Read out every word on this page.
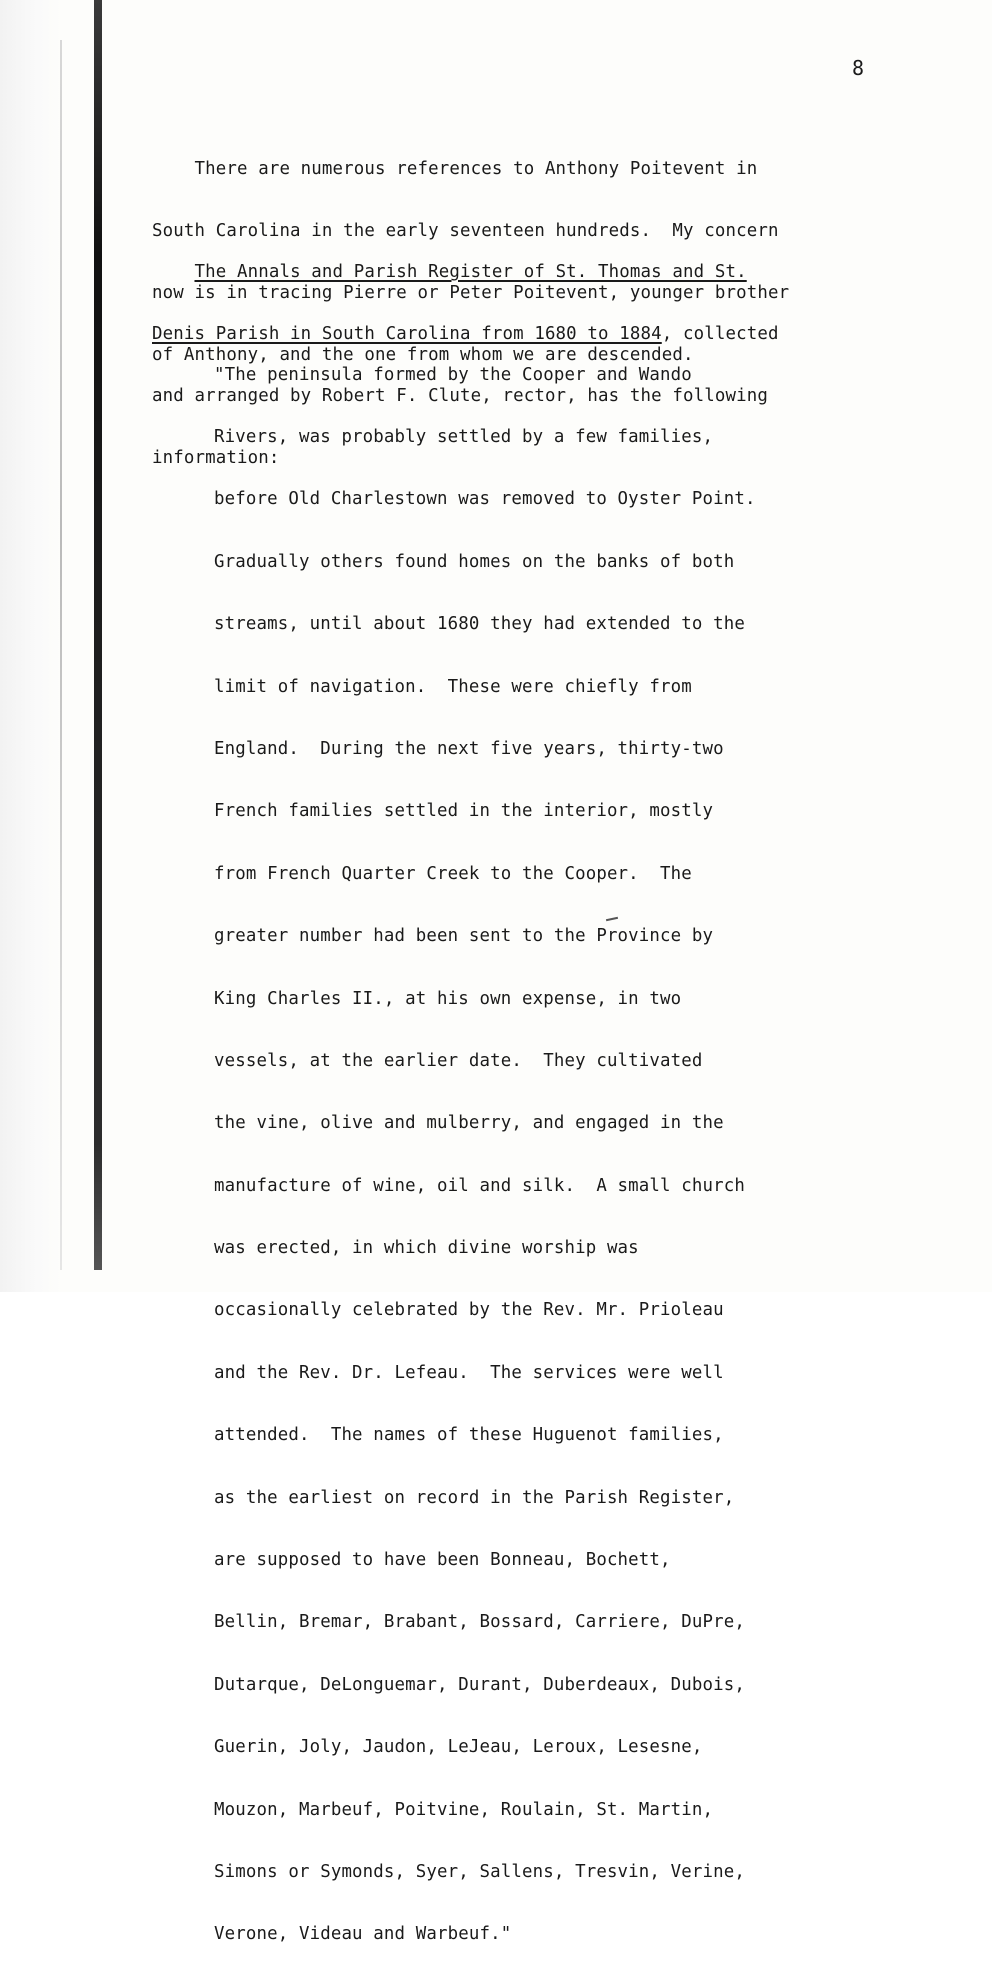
8

There are numerous references to Anthony Poitevent in

South Carolina in the early seventeen hundreds.  My concern

now is in tracing Pierre or Peter Poitevent, younger brother

of Anthony, and the one from whom we are descended.

The Annals and Parish Register of St. Thomas and St.

Denis Parish in South Carolina from 1680 to 1884, collected

and arranged by Robert F. Clute, rector, has the following

information:

"The peninsula formed by the Cooper and Wando

Rivers, was probably settled by a few families,

before Old Charlestown was removed to Oyster Point.

Gradually others found homes on the banks of both

streams, until about 1680 they had extended to the

limit of navigation.  These were chiefly from

England.  During the next five years, thirty-two

French families settled in the interior, mostly

from French Quarter Creek to the Cooper.  The

greater number had been sent to the Province by

King Charles II., at his own expense, in two

vessels, at the earlier date.  They cultivated

the vine, olive and mulberry, and engaged in the

manufacture of wine, oil and silk.  A small church

was erected, in which divine worship was

occasionally celebrated by the Rev. Mr. Prioleau

and the Rev. Dr. Lefeau.  The services were well

attended.  The names of these Huguenot families,

as the earliest on record in the Parish Register,

are supposed to have been Bonneau, Bochett,

Bellin, Bremar, Brabant, Bossard, Carriere, DuPre,

Dutarque, DeLonguemar, Durant, Duberdeaux, Dubois,

Guerin, Joly, Jaudon, LeJeau, Leroux, Lesesne,

Mouzon, Marbeuf, Poitvine, Roulain, St. Martin,

Simons or Symonds, Syer, Sallens, Tresvin, Verine,

Verone, Videau and Warbeuf."
